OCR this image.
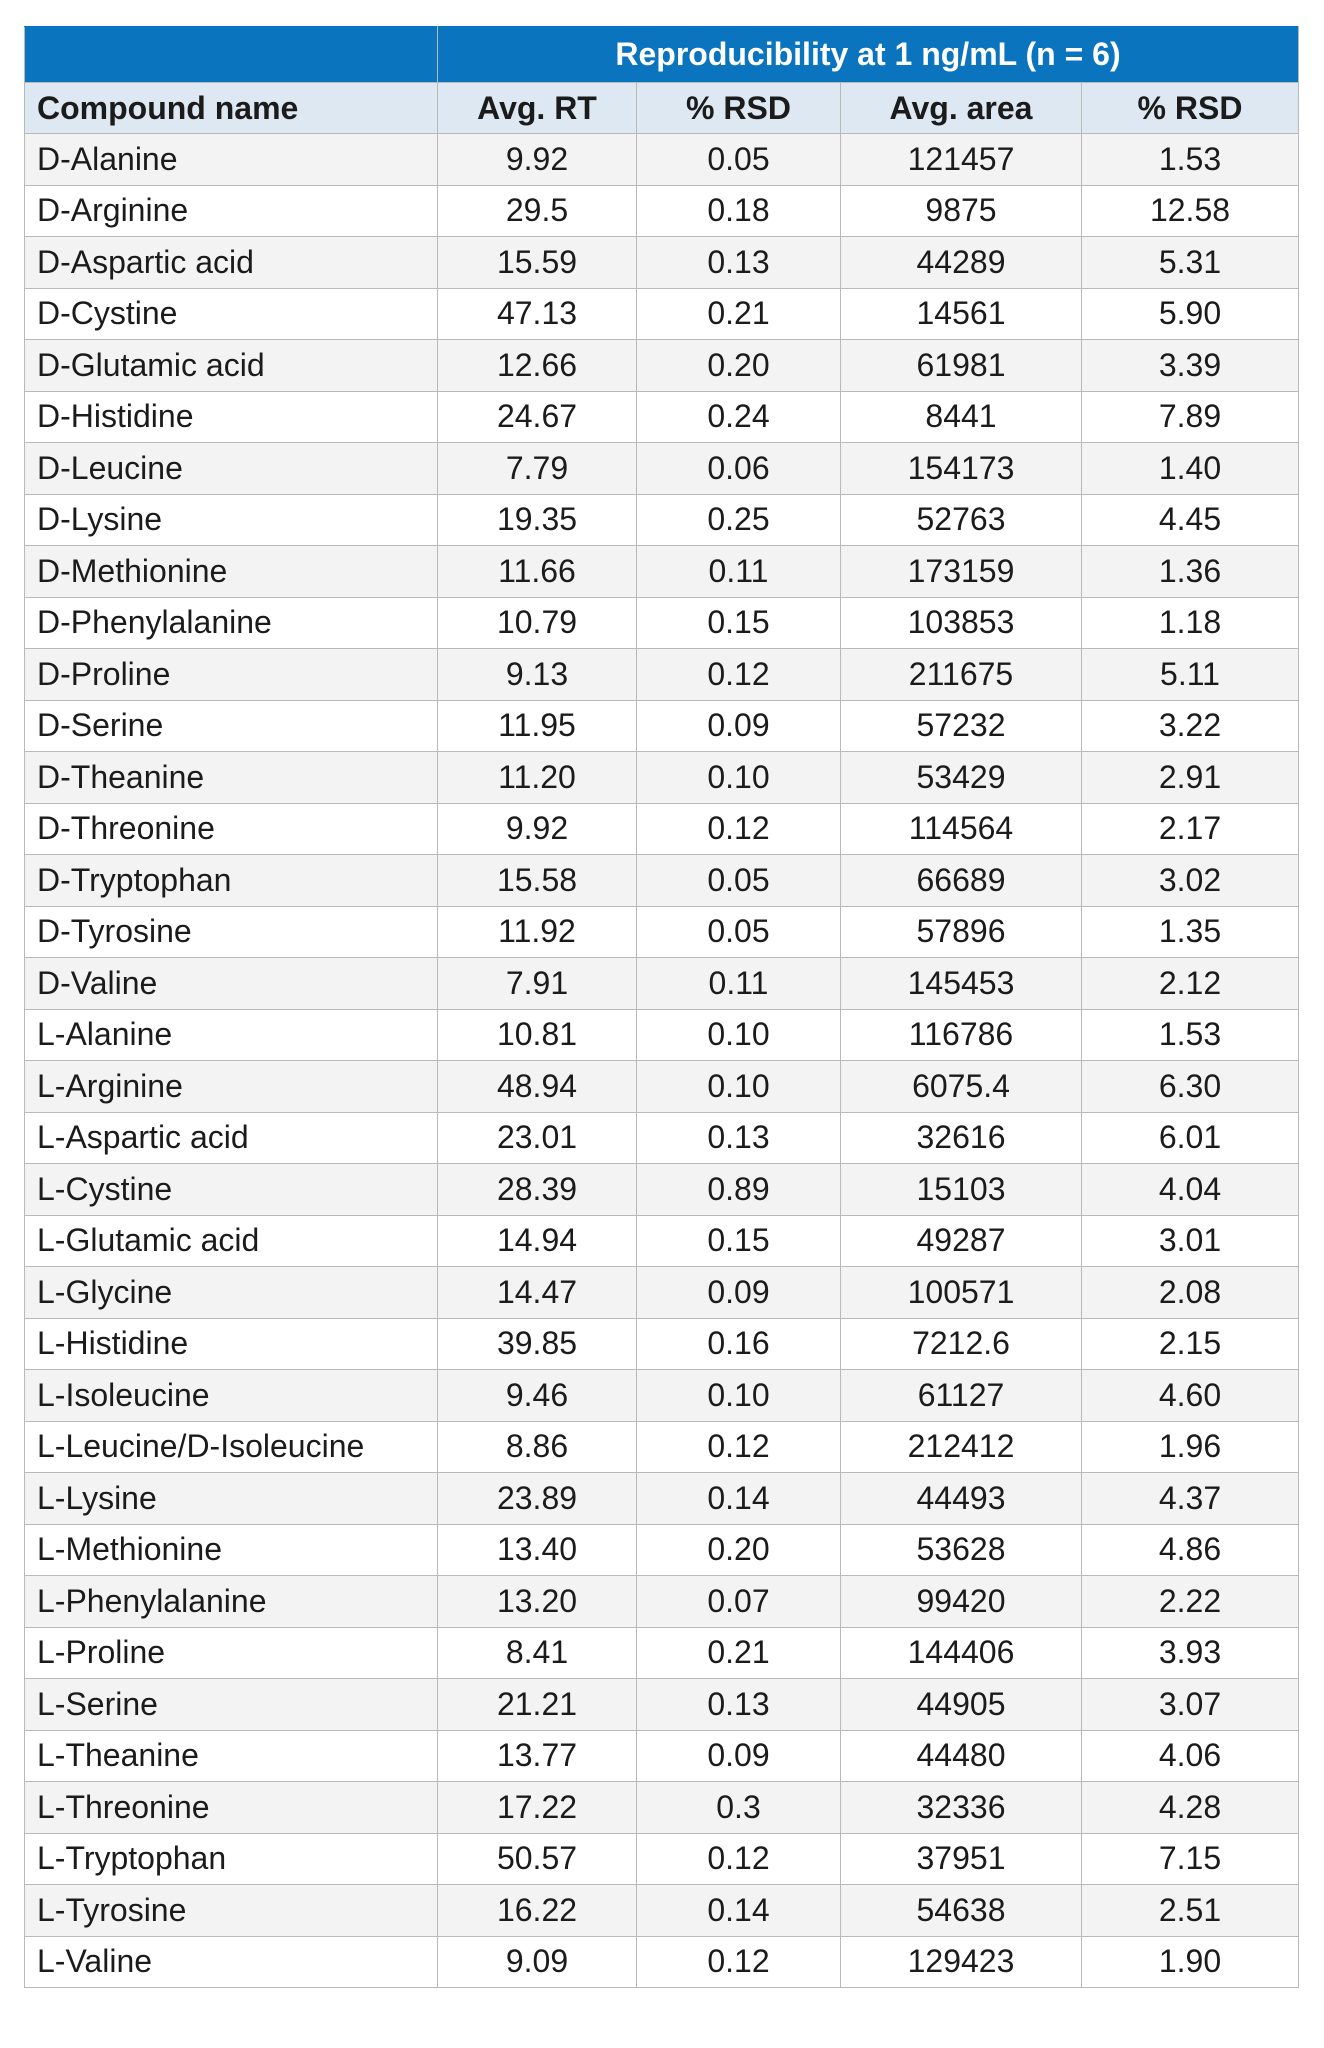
	Reproducibility at 1 ng/mL (n = 6)			
Compound name	Avg. RT	% RSD	Avg. area	% RSD
D-Alanine	9.92	0.05	121457	1.53
D-Arginine	29.5	0.18	9875	12.58
D-Aspartic acid	15.59	0.13	44289	5.31
D-Cystine	47.13	0.21	14561	5.90
D-Glutamic acid	12.66	0.20	61981	3.39
D-Histidine	24.67	0.24	8441	7.89
D-Leucine	7.79	0.06	154173	1.40
D-Lysine	19.35	0.25	52763	4.45
D-Methionine	11.66	0.11	173159	1.36
D-Phenylalanine	10.79	0.15	103853	1.18
D-Proline	9.13	0.12	211675	5.11
D-Serine	11.95	0.09	57232	3.22
D-Theanine	11.20	0.10	53429	2.91
D-Threonine	9.92	0.12	114564	2.17
D-Tryptophan	15.58	0.05	66689	3.02
D-Tyrosine	11.92	0.05	57896	1.35
D-Valine	7.91	0.11	145453	2.12
L-Alanine	10.81	0.10	116786	1.53
L-Arginine	48.94	0.10	6075.4	6.30
L-Aspartic acid	23.01	0.13	32616	6.01
L-Cystine	28.39	0.89	15103	4.04
L-Glutamic acid	14.94	0.15	49287	3.01
L-Glycine	14.47	0.09	100571	2.08
L-Histidine	39.85	0.16	7212.6	2.15
L-Isoleucine	9.46	0.10	61127	4.60
L-Leucine/D-Isoleucine	8.86	0.12	212412	1.96
L-Lysine	23.89	0.14	44493	4.37
L-Methionine	13.40	0.20	53628	4.86
L-Phenylalanine	13.20	0.07	99420	2.22
L-Proline	8.41	0.21	144406	3.93
L-Serine	21.21	0.13	44905	3.07
L-Theanine	13.77	0.09	44480	4.06
L-Threonine	17.22	0.3	32336	4.28
L-Tryptophan	50.57	0.12	37951	7.15
L-Tyrosine	16.22	0.14	54638	2.51
L-Valine	9.09	0.12	129423	1.90
